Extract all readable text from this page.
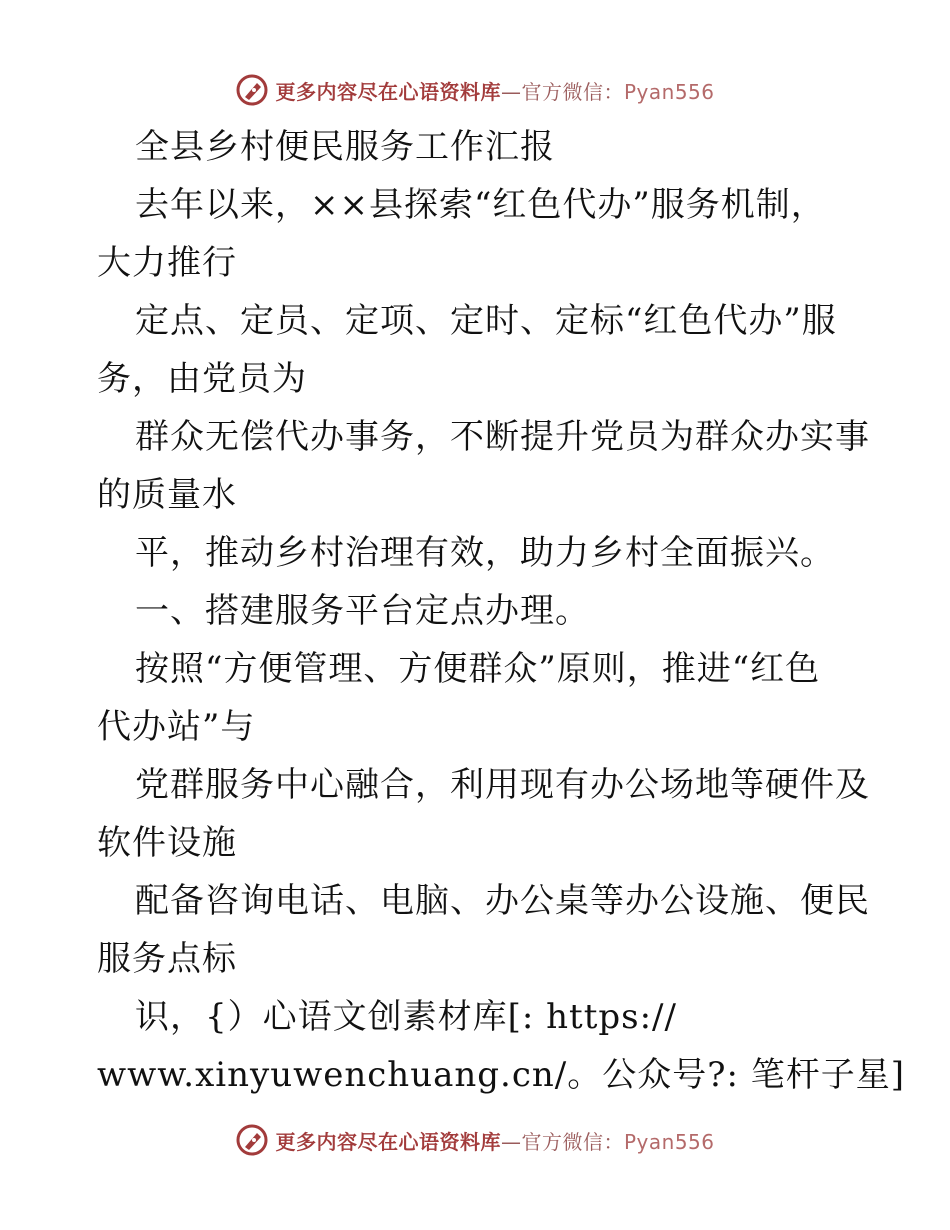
更多内容尽在心语资料库—官方微信：Pyan556
全县乡村便民服务工作汇报
去年以来，××县探索“红色代办”服务机制，
大力推行
定点、定员、定项、定时、定标“红色代办”服
务，由党员为
群众无偿代办事务，不断提升党员为群众办实事
的质量水
平，推动乡村治理有效，助力乡村全面振兴。
一、搭建服务平台定点办理。
按照“方便管理、方便群众”原则，推进“红色
代办站”与
党群服务中心融合，利用现有办公场地等硬件及
软件设施
配备咨询电话、电脑、办公桌等办公设施、便民
服务点标
识，{）心语文创素材库[: https://
www.xinyuwenchuang.cn/。公众号?: 笔杆子星]
更多内容尽在心语资料库—官方微信：Pyan556
